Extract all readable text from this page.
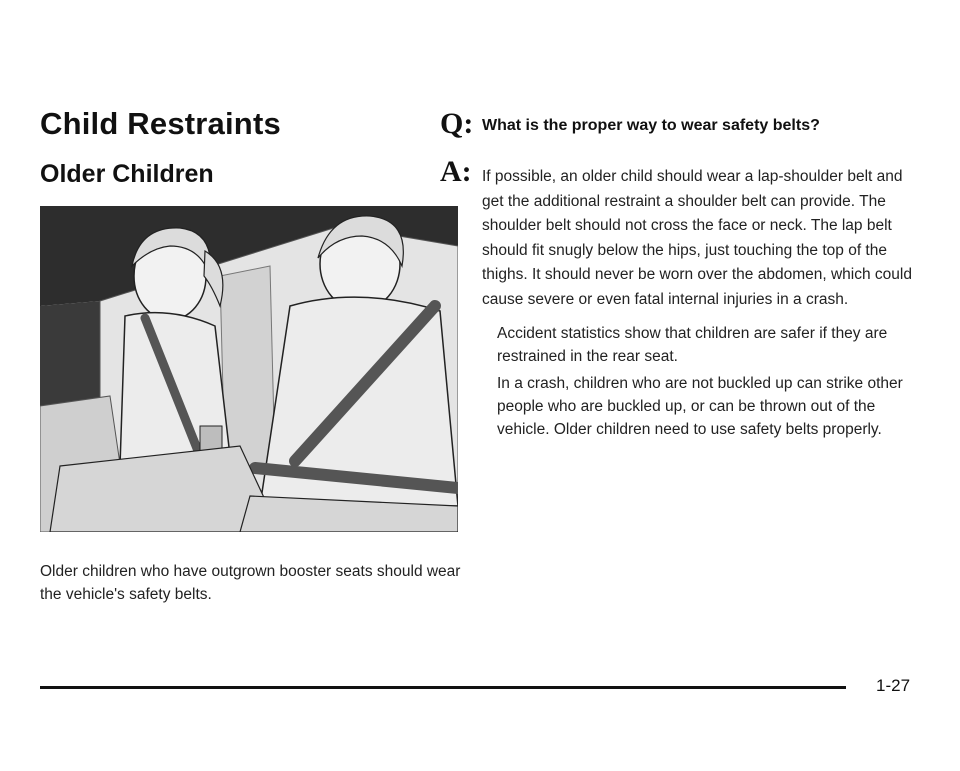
Child Restraints
Older Children

Older children who have outgrown booster seats should wear the vehicle's safety belts.

Q: What is the proper way to wear safety belts?
A: If possible, an older child should wear a lap-shoulder belt and get the additional restraint a shoulder belt can provide. The shoulder belt should not cross the face or neck. The lap belt should fit snugly below the hips, just touching the top of the thighs. It should never be worn over the abdomen, which could cause severe or even fatal internal injuries in a crash.

Accident statistics show that children are safer if they are restrained in the rear seat.

In a crash, children who are not buckled up can strike other people who are buckled up, or can be thrown out of the vehicle. Older children need to use safety belts properly.

1-27
